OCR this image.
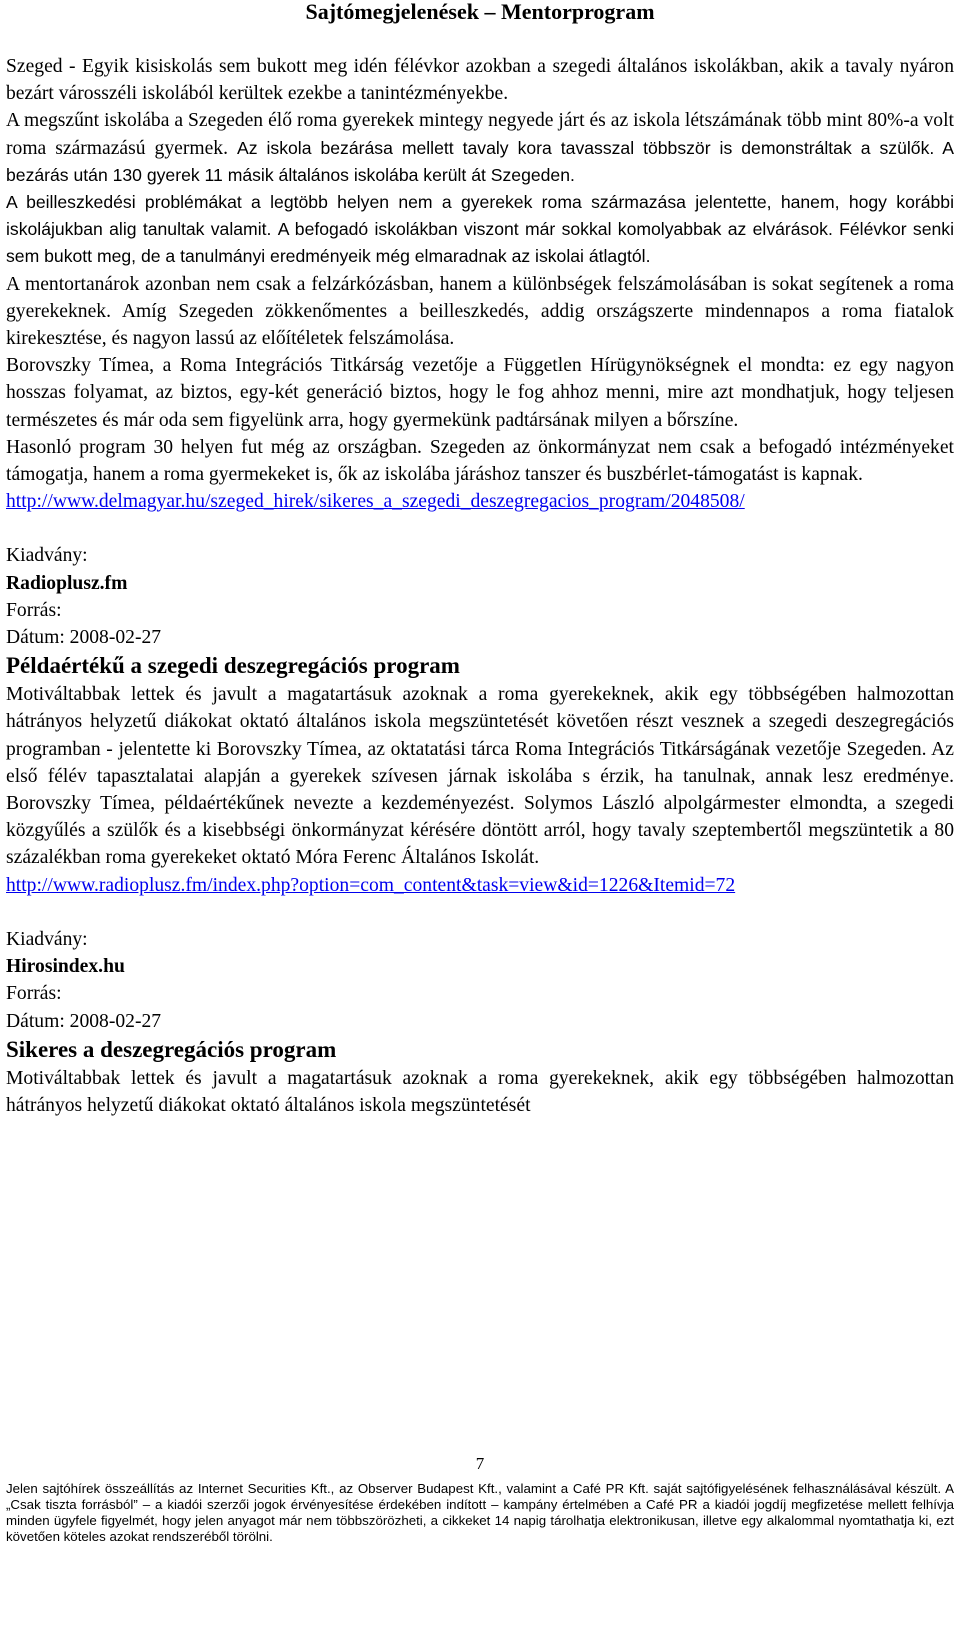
Sajtómegjelenések – Mentorprogram

Szeged - Egyik kisiskolás sem bukott meg idén félévkor azokban a szegedi általános iskolákban, akik a tavaly nyáron bezárt városszéli iskolából kerültek ezekbe a tanintézményekbe.

A megszűnt iskolába a Szegeden élő roma gyerekek mintegy negyede járt és az iskola létszámának több mint 80%-a volt roma származású gyermek. Az iskola bezárása mellett tavaly kora tavasszal többször is demonstráltak a szülők. A bezárás után 130 gyerek 11 másik általános iskolába került át Szegeden.

A beilleszkedési problémákat a legtöbb helyen nem a gyerekek roma származása jelentette, hanem, hogy korábbi iskolájukban alig tanultak valamit. A befogadó iskolákban viszont már sokkal komolyabbak az elvárások. Félévkor senki sem bukott meg, de a tanulmányi eredményeik még elmaradnak az iskolai átlagtól.

A mentortanárok azonban nem csak a felzárkózásban, hanem a különbségek felszámolásában is sokat segítenek a roma gyerekeknek. Amíg Szegeden zökkenőmentes a beilleszkedés, addig országszerte mindennapos a roma fiatalok kirekesztése, és nagyon lassú az előítéletek felszámolása.

Borovszky Tímea, a Roma Integrációs Titkárság vezetője a Független Hírügynökségnek el mondta: ez egy nagyon hosszas folyamat, az biztos, egy-két generáció biztos, hogy le fog ahhoz menni, mire azt mondhatjuk, hogy teljesen természetes és már oda sem figyelünk arra, hogy gyermekünk padtársának milyen a bőrszíne.

Hasonló program 30 helyen fut még az országban. Szegeden az önkormányzat nem csak a befogadó intézményeket támogatja, hanem a roma gyermekeket is, ők az iskolába járáshoz tanszer és buszbérlet-támogatást is kapnak.

http://www.delmagyar.hu/szeged_hirek/sikeres_a_szegedi_deszegregacios_program/2048508/

Kiadvány:

Radioplusz.fm

Forrás:

Dátum: 2008-02-27

Példaértékű a szegedi deszegregációs program

Motiváltabbak lettek és javult a magatartásuk azoknak a roma gyerekeknek, akik egy többségében halmozottan hátrányos helyzetű diákokat oktató általános iskola megszüntetését követően részt vesznek a szegedi deszegregációs programban - jelentette ki Borovszky Tímea, az oktatatási tárca Roma Integrációs Titkárságának vezetője Szegeden. Az első félév tapasztalatai alapján a gyerekek szívesen járnak iskolába s érzik, ha tanulnak, annak lesz eredménye. Borovszky Tímea, példaértékűnek nevezte a kezdeményezést. Solymos László alpolgármester elmondta, a szegedi közgyűlés a szülők és a kisebbségi önkormányzat kérésére döntött arról, hogy tavaly szeptembertől megszüntetik a 80 százalékban roma gyerekeket oktató Móra Ferenc Általános Iskolát.

http://www.radioplusz.fm/index.php?option=com_content&task=view&id=1226&Itemid=72

Kiadvány:

Hirosindex.hu

Forrás:

Dátum: 2008-02-27

Sikeres a deszegregációs program

Motiváltabbak lettek és javult a magatartásuk azoknak a roma gyerekeknek, akik egy többségében halmozottan hátrányos helyzetű diákokat oktató általános iskola megszüntetését

7
Jelen sajtóhírek összeállítás az Internet Securities Kft., az Observer Budapest Kft., valamint a Café PR Kft. saját sajtófigyelésének felhasználásával készült. A „Csak tiszta forrásból” – a kiadói szerzői jogok érvényesítése érdekében indított – kampány értelmében a Café PR a kiadói jogdíj megfizetése mellett felhívja minden ügyfele figyelmét, hogy jelen anyagot már nem többszörözheti, a cikkeket 14 napig tárolhatja elektronikusan, illetve egy alkalommal nyomtathatja ki, ezt követően köteles azokat rendszeréből törölni.
